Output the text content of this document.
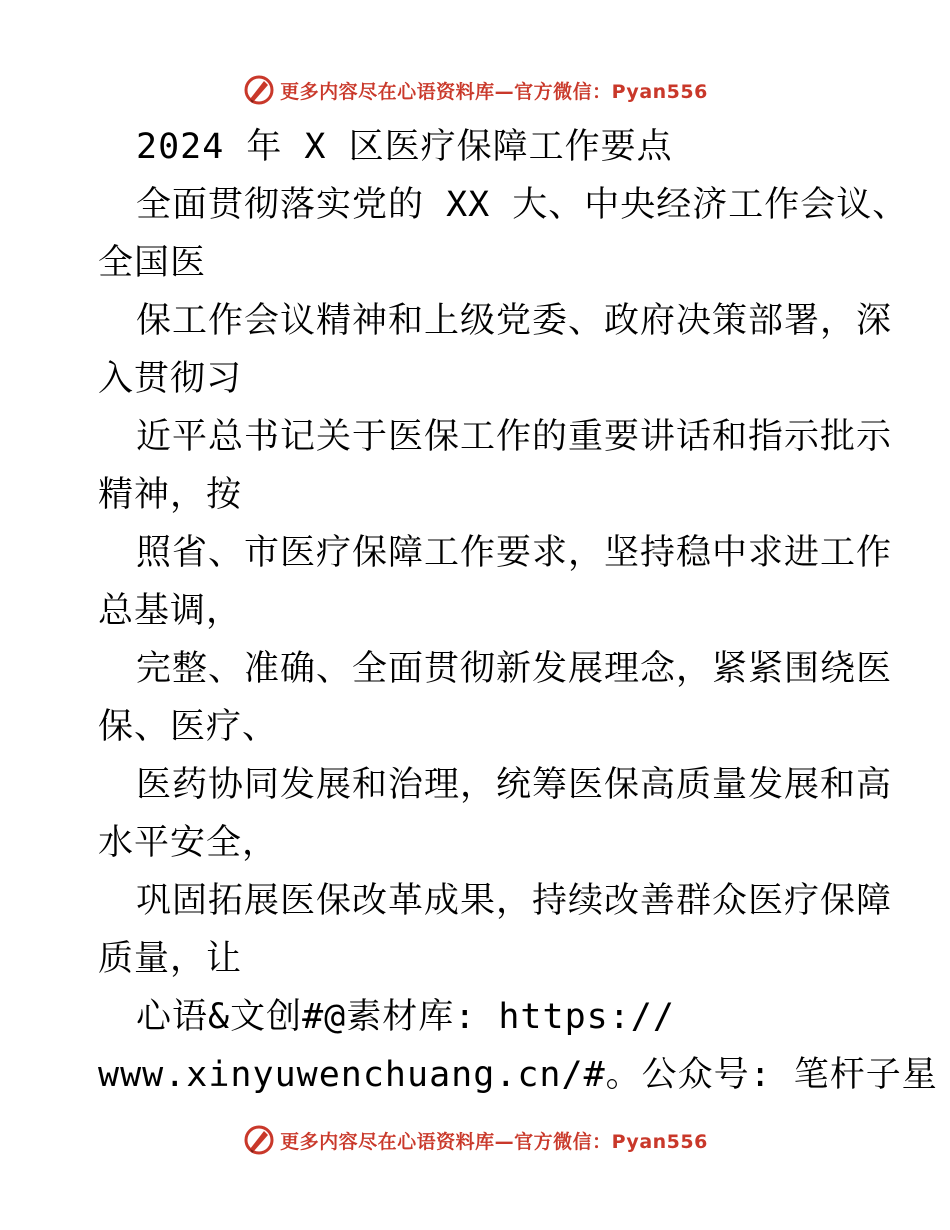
更多内容尽在心语资料库—官方微信：Pyan556
2024 年 X 区医疗保障工作要点
全面贯彻落实党的 XX 大、中央经济工作会议、
全国医
保工作会议精神和上级党委、政府决策部署，深
入贯彻习
近平总书记关于医保工作的重要讲话和指示批示
精神，按
照省、市医疗保障工作要求，坚持稳中求进工作
总基调，
完整、准确、全面贯彻新发展理念，紧紧围绕医
保、医疗、
医药协同发展和治理，统筹医保高质量发展和高
水平安全，
巩固拓展医保改革成果，持续改善群众医疗保障
质量，让
心语&文创#@素材库: https://
www.xinyuwenchuang.cn/#。公众号: 笔杆子星
更多内容尽在心语资料库—官方微信：Pyan556
